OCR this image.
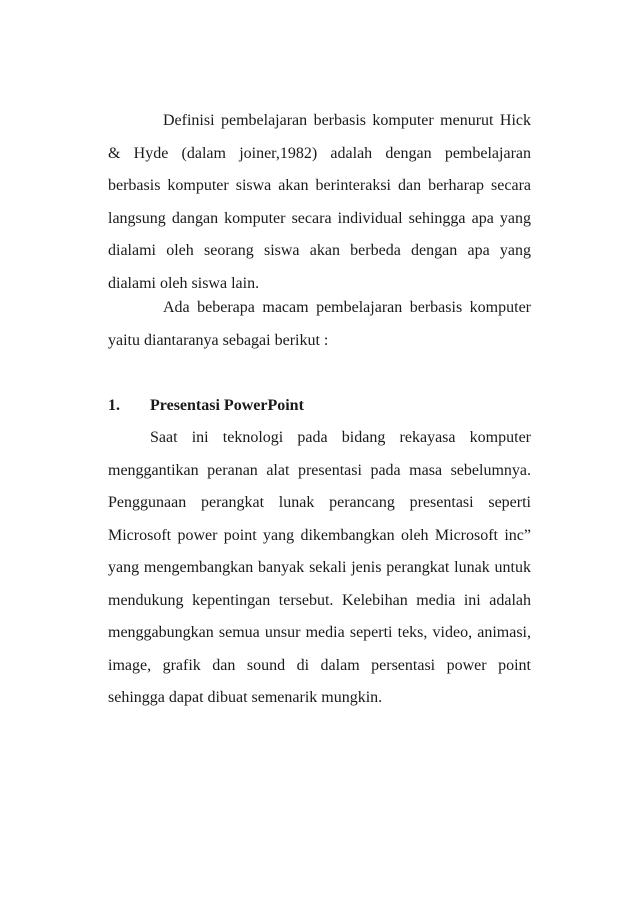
Definisi pembelajaran berbasis komputer menurut Hick & Hyde (dalam joiner,1982) adalah dengan pembelajaran berbasis komputer siswa akan berinteraksi dan berharap secara langsung dangan komputer secara individual sehingga apa yang dialami oleh seorang siswa akan berbeda dengan apa yang dialami oleh siswa lain.

Ada beberapa macam pembelajaran berbasis komputer yaitu diantaranya sebagai berikut :

1. Presentasi PowerPoint

Saat ini teknologi pada bidang rekayasa komputer menggantikan peranan alat presentasi pada masa sebelumnya. Penggunaan perangkat lunak perancang presentasi seperti Microsoft power point yang dikembangkan oleh Microsoft inc” yang mengembangkan banyak sekali jenis perangkat lunak untuk mendukung kepentingan tersebut. Kelebihan media ini adalah menggabungkan semua unsur media seperti teks, video, animasi, image, grafik dan sound di dalam persentasi power point sehingga dapat dibuat semenarik mungkin.
